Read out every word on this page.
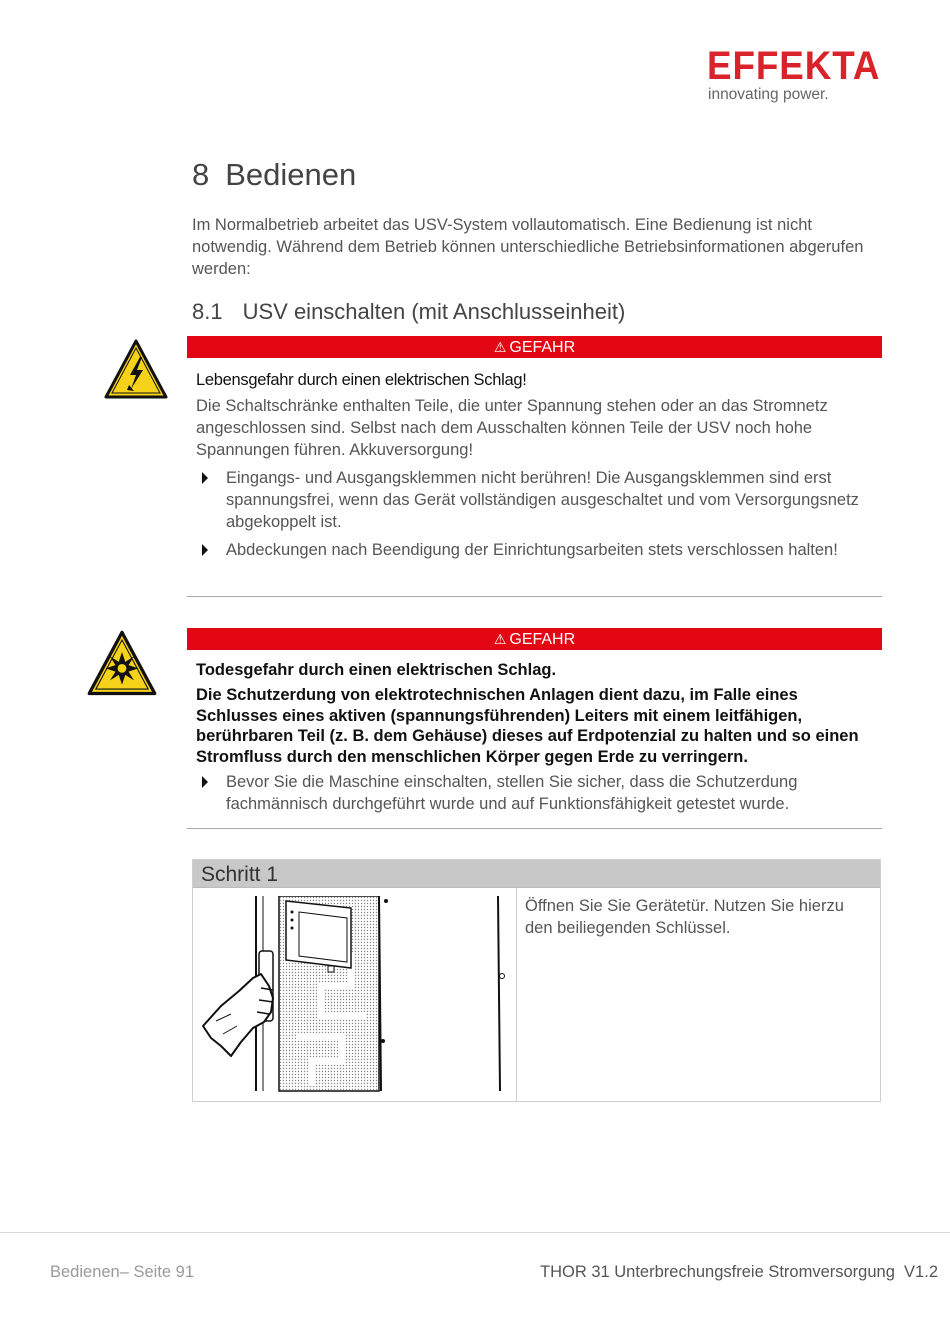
EFFEKTA
innovating power.
8 Bedienen
Im Normalbetrieb arbeitet das USV-System vollautomatisch. Eine Bedienung ist nicht notwendig. Während dem Betrieb können unterschiedliche Betriebsinformationen abgerufen werden:
8.1 USV einschalten (mit Anschlusseinheit)
⚠ GEFAHR
Lebensgefahr durch einen elektrischen Schlag!
Die Schaltschränke enthalten Teile, die unter Spannung stehen oder an das Stromnetz angeschlossen sind. Selbst nach dem Ausschalten können Teile der USV noch hohe Spannungen führen. Akkuversorgung!
Eingangs- und Ausgangsklemmen nicht berühren! Die Ausgangsklemmen sind erst spannungsfrei, wenn das Gerät vollständigen ausgeschaltet und vom Versorgungsnetz abgekoppelt ist.
Abdeckungen nach Beendigung der Einrichtungsarbeiten stets verschlossen halten!
⚠ GEFAHR
Todesgefahr durch einen elektrischen Schlag.
Die Schutzerdung von elektrotechnischen Anlagen dient dazu, im Falle eines Schlusses eines aktiven (spannungsführenden) Leiters mit einem leitfähigen, berührbaren Teil (z. B. dem Gehäuse) dieses auf Erdpotenzial zu halten und so einen Stromfluss durch den menschlichen Körper gegen Erde zu verringern.
Bevor Sie die Maschine einschalten, stellen Sie sicher, dass die Schutzerdung fachmännisch durchgeführt wurde und auf Funktionsfähigkeit getestet wurde.
Schritt 1
Öffnen Sie Sie Gerätetür. Nutzen Sie hierzu den beiliegenden Schlüssel.
Bedienen– Seite 91	THOR 31 Unterbrechungsfreie Stromversorgung  V1.2
